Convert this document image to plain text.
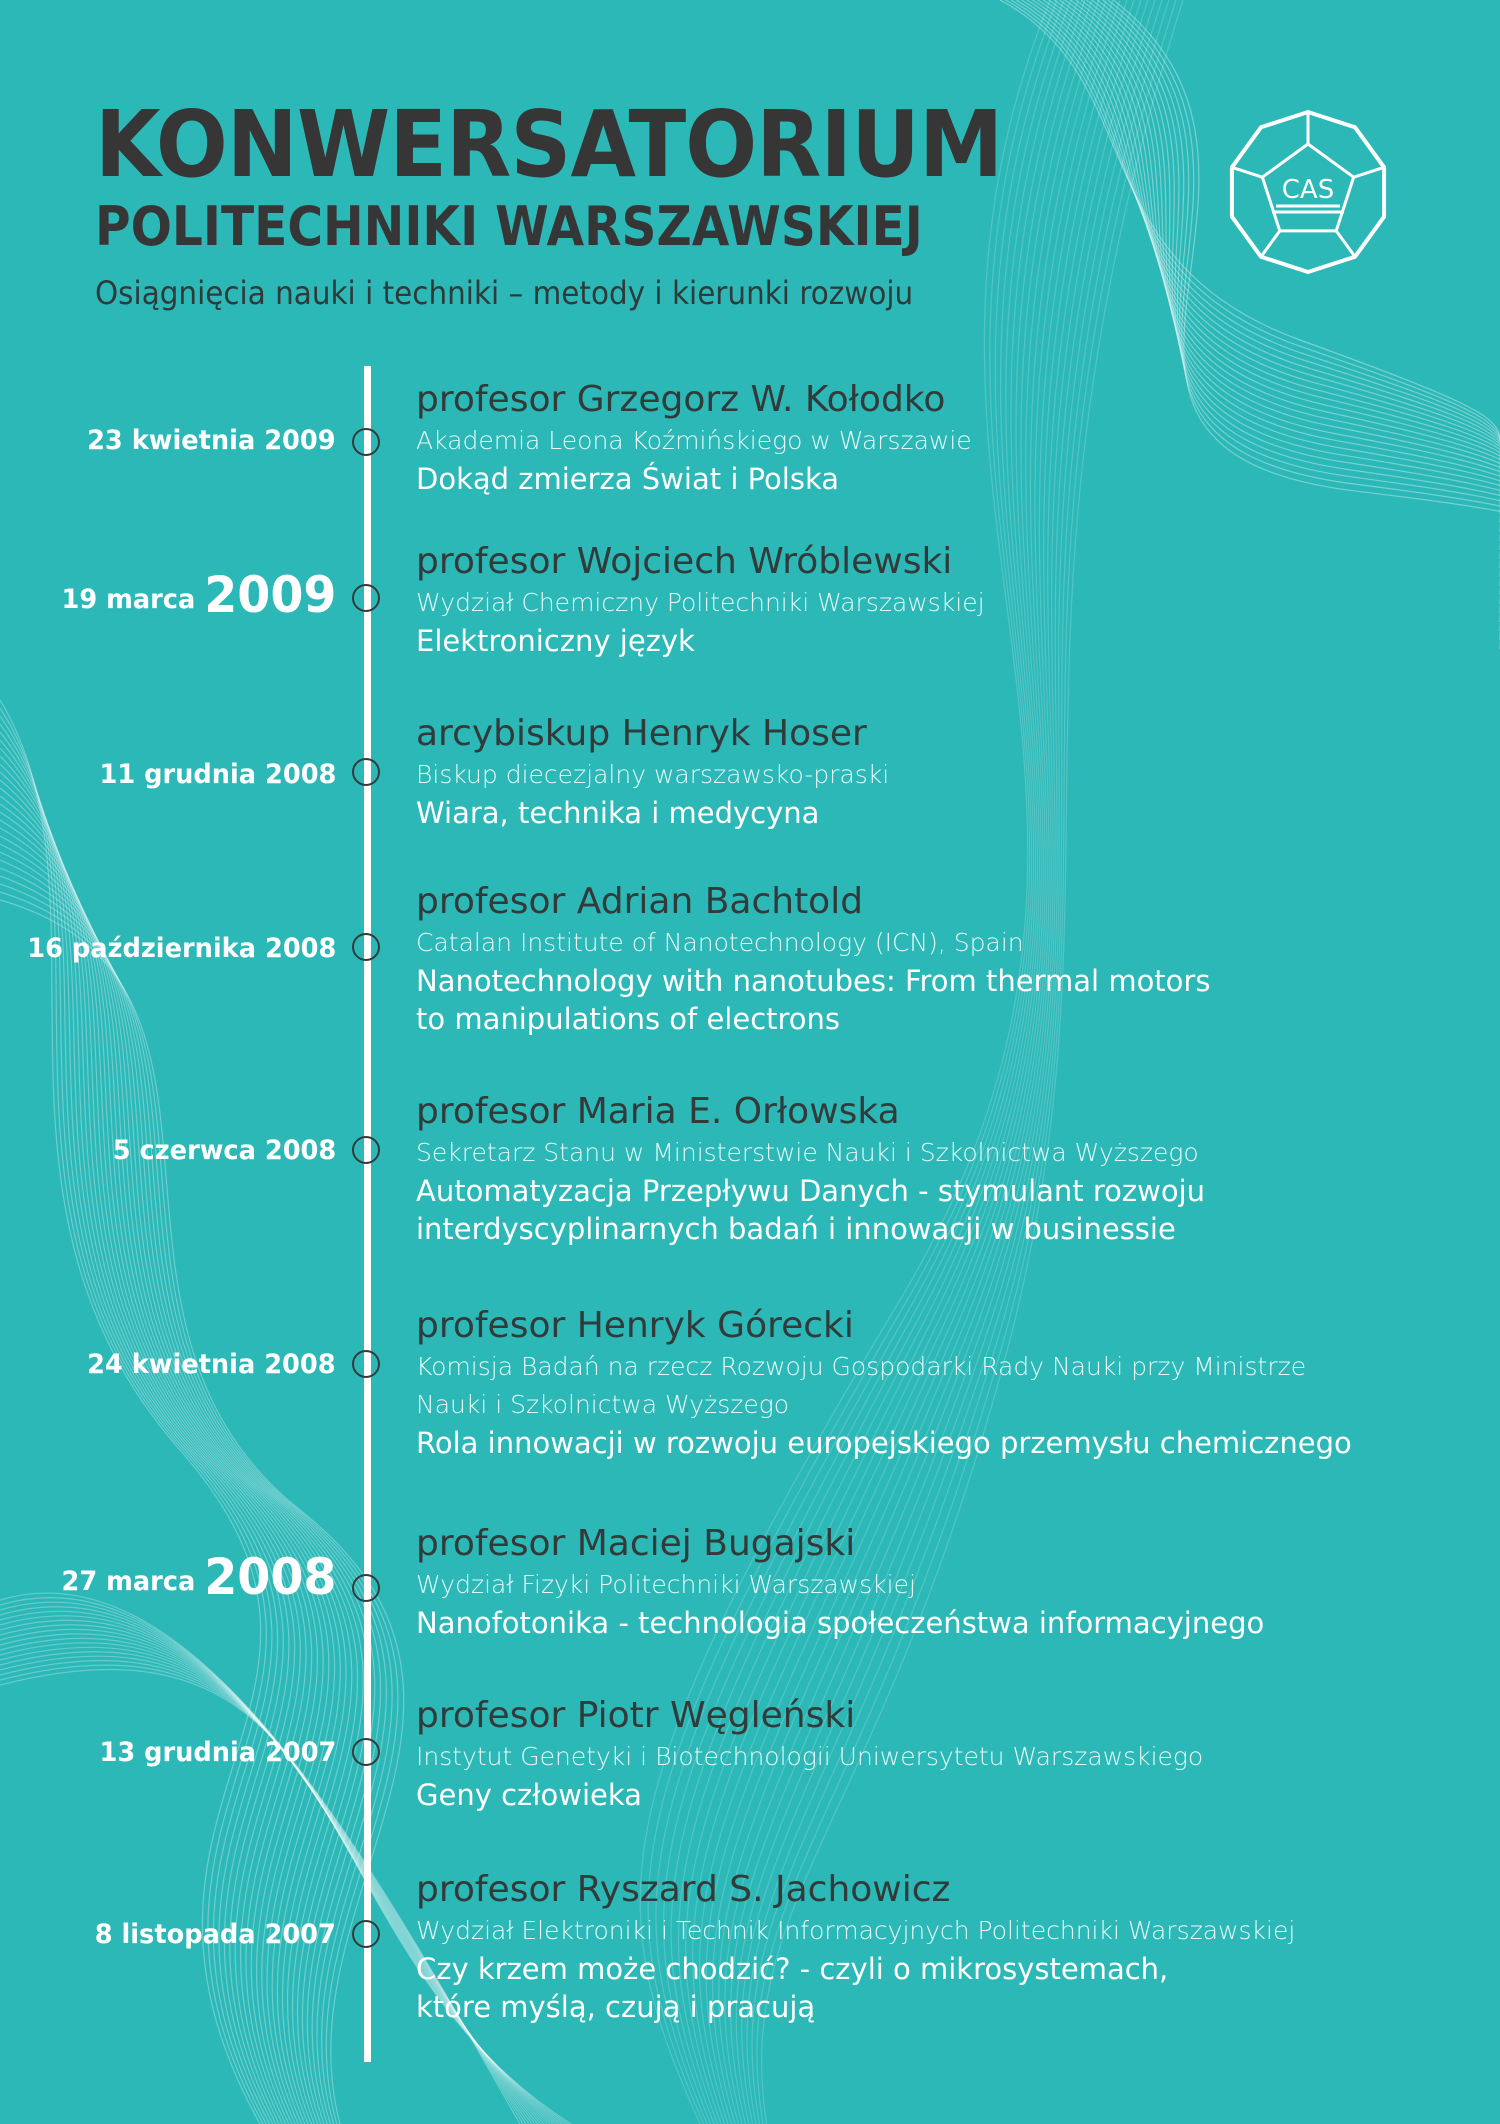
KONWERSATORIUM
POLITECHNIKI WARSZAWSKIEJ

Osiągnięcia nauki i techniki – metody i kierunki rozwoju

CAS
23 kwietnia 2009

profesor Grzegorz W. Kołodko

Akademia Leona Koźmińskiego w Warszawie

Dokąd zmierza Świat i Polska

19 marca 2009

profesor Wojciech Wróblewski

Wydział Chemiczny Politechniki Warszawskiej

Elektroniczny język

11 grudnia 2008

arcybiskup Henryk Hoser

Biskup diecezjalny warszawsko-praski

Wiara, technika i medycyna

16 października 2008

profesor Adrian Bachtold

Catalan Institute of Nanotechnology (ICN), Spain

Nanotechnology with nanotubes: From thermal motors

to manipulations of electrons

5 czerwca 2008

profesor Maria E. Orłowska

Sekretarz Stanu w Ministerstwie Nauki i Szkolnictwa Wyższego

Automatyzacja Przepływu Danych - stymulant rozwoju

interdyscyplinarnych badań i innowacji w businessie

24 kwietnia 2008

profesor Henryk Górecki

Komisja Badań na rzecz Rozwoju Gospodarki Rady Nauki przy Ministrze

Nauki i Szkolnictwa Wyższego

Rola innowacji w rozwoju europejskiego przemysłu chemicznego

27 marca 2008

profesor Maciej Bugajski

Wydział Fizyki Politechniki Warszawskiej

Nanofotonika - technologia społeczeństwa informacyjnego

13 grudnia 2007

profesor Piotr Węgleński

Instytut Genetyki i Biotechnologii Uniwersytetu Warszawskiego

Geny człowieka

8 listopada 2007

profesor Ryszard S. Jachowicz

Wydział Elektroniki i Technik Informacyjnych Politechniki Warszawskiej

Czy krzem może chodzić? - czyli o mikrosystemach,

które myślą, czują i pracują
